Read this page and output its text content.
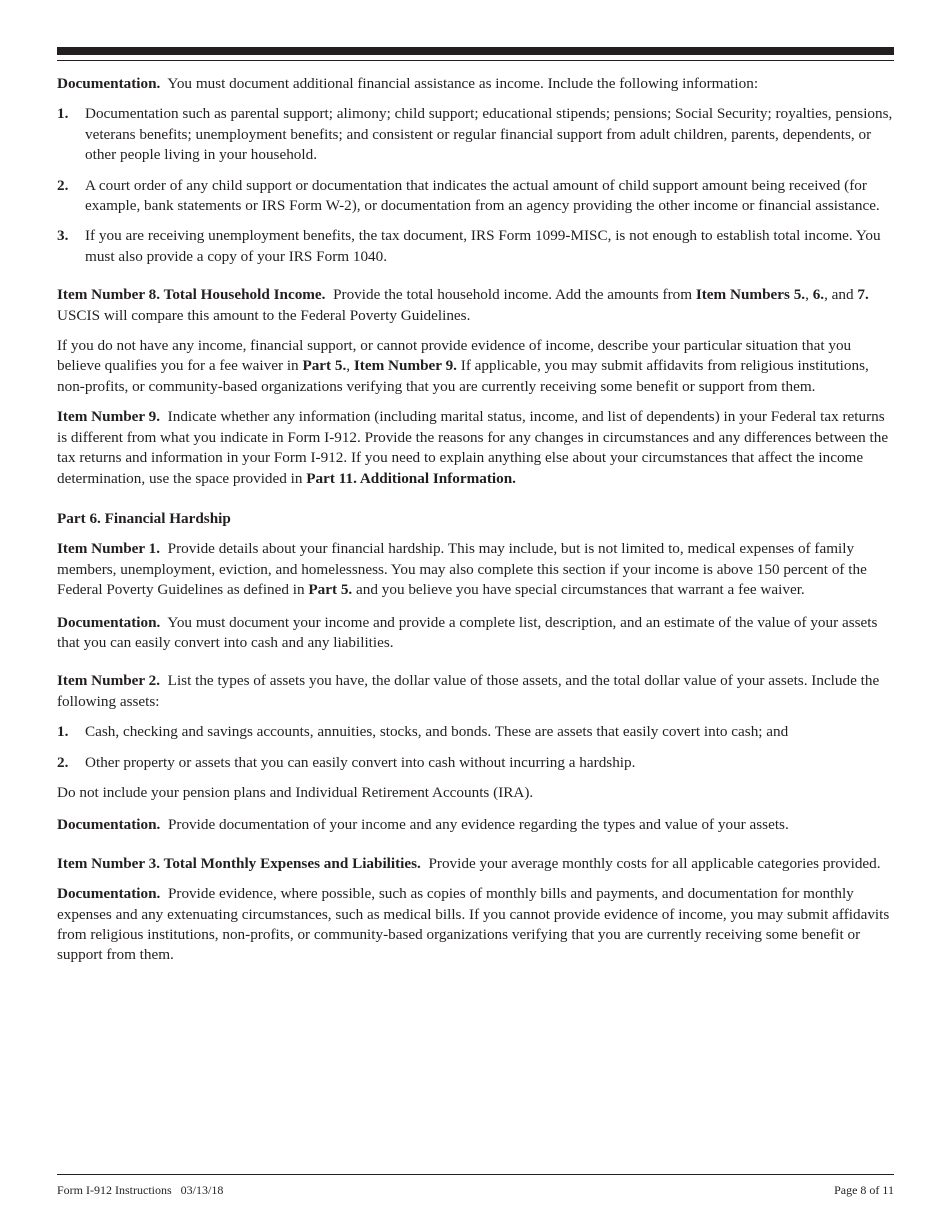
Documentation. You must document additional financial assistance as income. Include the following information:

1. Documentation such as parental support; alimony; child support; educational stipends; pensions; Social Security; royalties, pensions, veterans benefits; unemployment benefits; and consistent or regular financial support from adult children, parents, dependents, or other people living in your household.

2. A court order of any child support or documentation that indicates the actual amount of child support amount being received (for example, bank statements or IRS Form W-2), or documentation from an agency providing the other income or financial assistance.

3. If you are receiving unemployment benefits, the tax document, IRS Form 1099-MISC, is not enough to establish total income. You must also provide a copy of your IRS Form 1040.

Item Number 8. Total Household Income. Provide the total household income. Add the amounts from Item Numbers 5., 6., and 7. USCIS will compare this amount to the Federal Poverty Guidelines.

If you do not have any income, financial support, or cannot provide evidence of income, describe your particular situation that you believe qualifies you for a fee waiver in Part 5., Item Number 9. If applicable, you may submit affidavits from religious institutions, non-profits, or community-based organizations verifying that you are currently receiving some benefit or support from them.

Item Number 9. Indicate whether any information (including marital status, income, and list of dependents) in your Federal tax returns is different from what you indicate in Form I-912. Provide the reasons for any changes in circumstances and any differences between the tax returns and information in your Form I-912. If you need to explain anything else about your circumstances that affect the income determination, use the space provided in Part 11. Additional Information.

Part 6. Financial Hardship

Item Number 1. Provide details about your financial hardship. This may include, but is not limited to, medical expenses of family members, unemployment, eviction, and homelessness. You may also complete this section if your income is above 150 percent of the Federal Poverty Guidelines as defined in Part 5. and you believe you have special circumstances that warrant a fee waiver.

Documentation. You must document your income and provide a complete list, description, and an estimate of the value of your assets that you can easily convert into cash and any liabilities.

Item Number 2. List the types of assets you have, the dollar value of those assets, and the total dollar value of your assets. Include the following assets:

1. Cash, checking and savings accounts, annuities, stocks, and bonds. These are assets that easily covert into cash; and

2. Other property or assets that you can easily convert into cash without incurring a hardship.

Do not include your pension plans and Individual Retirement Accounts (IRA).

Documentation. Provide documentation of your income and any evidence regarding the types and value of your assets.

Item Number 3. Total Monthly Expenses and Liabilities. Provide your average monthly costs for all applicable categories provided.

Documentation. Provide evidence, where possible, such as copies of monthly bills and payments, and documentation for monthly expenses and any extenuating circumstances, such as medical bills. If you cannot provide evidence of income, you may submit affidavits from religious institutions, non-profits, or community-based organizations verifying that you are currently receiving some benefit or support from them.

Form I-912 Instructions   03/13/18	Page 8 of 11
